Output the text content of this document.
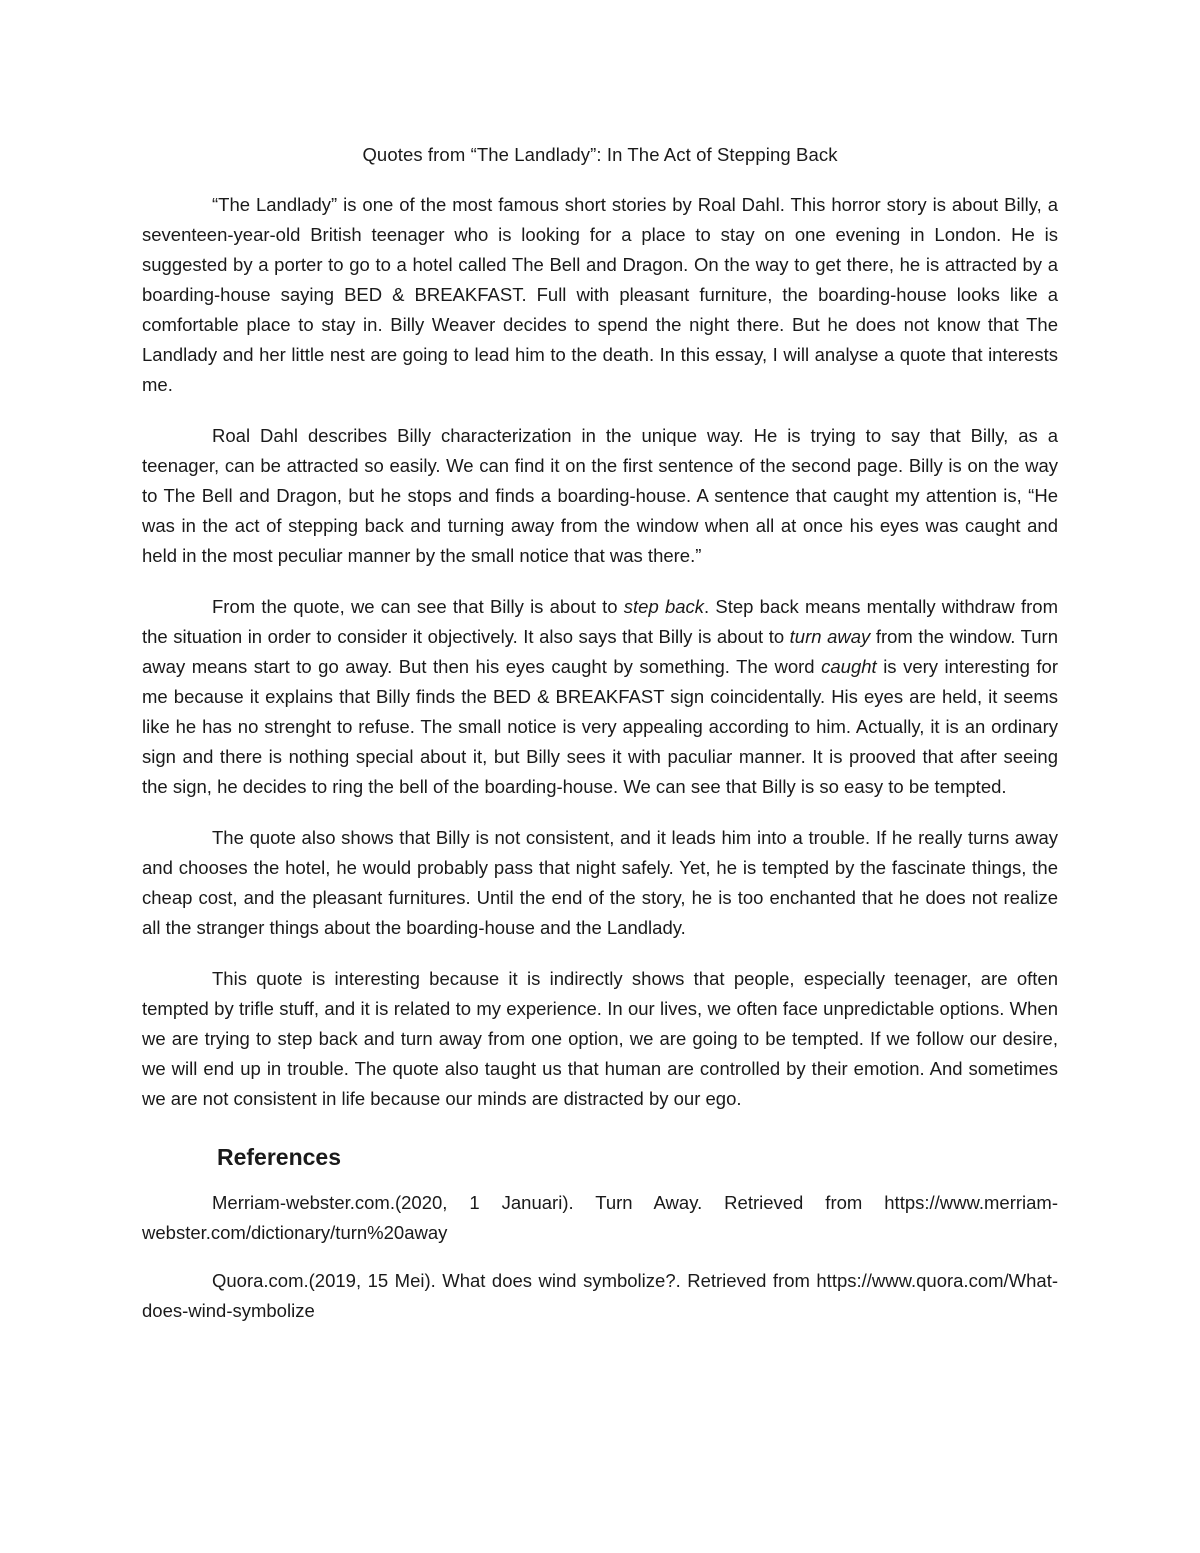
Quotes from “The Landlady”: In The Act of Stepping Back

“The Landlady” is one of the most famous short stories by Roal Dahl. This horror story is about Billy, a seventeen-year-old British teenager who is looking for a place to stay on one evening in London. He is suggested by a porter to go to a hotel called The Bell and Dragon. On the way to get there, he is attracted by a boarding-house saying BED & BREAKFAST. Full with pleasant furniture, the boarding-house looks like a comfortable place to stay in. Billy Weaver decides to spend the night there. But he does not know that The Landlady and her little nest are going to lead him to the death. In this essay, I will analyse a quote that interests me.

Roal Dahl describes Billy characterization in the unique way. He is trying to say that Billy, as a teenager, can be attracted so easily. We can find it on the first sentence of the second page. Billy is on the way to The Bell and Dragon, but he stops and finds a boarding-house. A sentence that caught my attention is, “He was in the act of stepping back and turning away from the window when all at once his eyes was caught and held in the most peculiar manner by the small notice that was there.”

From the quote, we can see that Billy is about to step back. Step back means mentally withdraw from the situation in order to consider it objectively. It also says that Billy is about to turn away from the window. Turn away means start to go away. But then his eyes caught by something. The word caught is very interesting for me because it explains that Billy finds the BED & BREAKFAST sign coincidentally. His eyes are held, it seems like he has no strenght to refuse. The small notice is very appealing according to him. Actually, it is an ordinary sign and there is nothing special about it, but Billy sees it with paculiar manner. It is prooved that after seeing the sign, he decides to ring the bell of the boarding-house. We can see that Billy is so easy to be tempted.

The quote also shows that Billy is not consistent, and it leads him into a trouble. If he really turns away and chooses the hotel, he would probably pass that night safely. Yet, he is tempted by the fascinate things, the cheap cost, and the pleasant furnitures. Until the end of the story, he is too enchanted that he does not realize all the stranger things about the boarding-house and the Landlady.

This quote is interesting because it is indirectly shows that people, especially teenager, are often tempted by trifle stuff, and it is related to my experience. In our lives, we often face unpredictable options. When we are trying to step back and turn away from one option, we are going to be tempted. If we follow our desire, we will end up in trouble. The quote also taught us that human are controlled by their emotion. And sometimes we are not consistent in life because our minds are distracted by our ego.

References

Merriam-webster.com.(2020, 1 Januari). Turn Away. Retrieved from https://www.merriam-webster.com/dictionary/turn%20away

Quora.com.(2019, 15 Mei). What does wind symbolize?. Retrieved from https://www.quora.com/What-does-wind-symbolize
